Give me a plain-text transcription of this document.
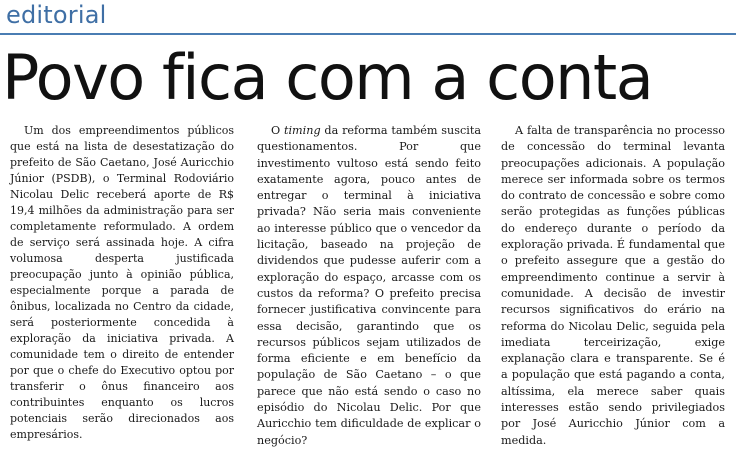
editorial
Povo fica com a conta

Um dos empreendimentos públicos que está na lista de desestatização do prefeito de São Caetano, José Auricchio Júnior (PSDB), o Terminal Rodoviário Nicolau Delic receberá aporte de R$ 19,4 milhões da administração para ser completamente reformulado. A ordem de serviço será assinada hoje. A cifra volumosa desperta justificada preocupação junto à opinião pública, especialmente porque a parada de ônibus, localizada no Centro da cidade, será posteriormente concedida à exploração da iniciativa privada. A comunidade tem o direito de entender por que o chefe do Executivo optou por transferir o ônus financeiro aos contribuintes enquanto os lucros potenciais serão direcionados aos empresários.

O timing da reforma também suscita questionamentos. Por que investimento vultoso está sendo feito exatamente agora, pouco antes de entregar o terminal à iniciativa privada? Não seria mais conveniente ao interesse público que o vencedor da licitação, baseado na projeção de dividendos que pudesse auferir com a exploração do espaço, arcasse com os custos da reforma? O prefeito precisa fornecer justificativa convincente para essa decisão, garantindo que os recursos públicos sejam utilizados de forma eficiente e em benefício da população de São Caetano – o que parece que não está sendo o caso no episódio do Nicolau Delic. Por que Auricchio tem dificuldade de explicar o negócio?

A falta de transparência no processo de concessão do terminal levanta preocupações adicionais. A população merece ser informada sobre os termos do contrato de concessão e sobre como serão protegidas as funções públicas do endereço durante o período da exploração privada. É fundamental que o prefeito assegure que a gestão do empreendimento continue a servir à comunidade. A decisão de investir recursos significativos do erário na reforma do Nicolau Delic, seguida pela imediata terceirização, exige explanação clara e transparente. Se é a população que está pagando a conta, altíssima, ela merece saber quais interesses estão sendo privilegiados por José Auricchio Júnior com a medida.
